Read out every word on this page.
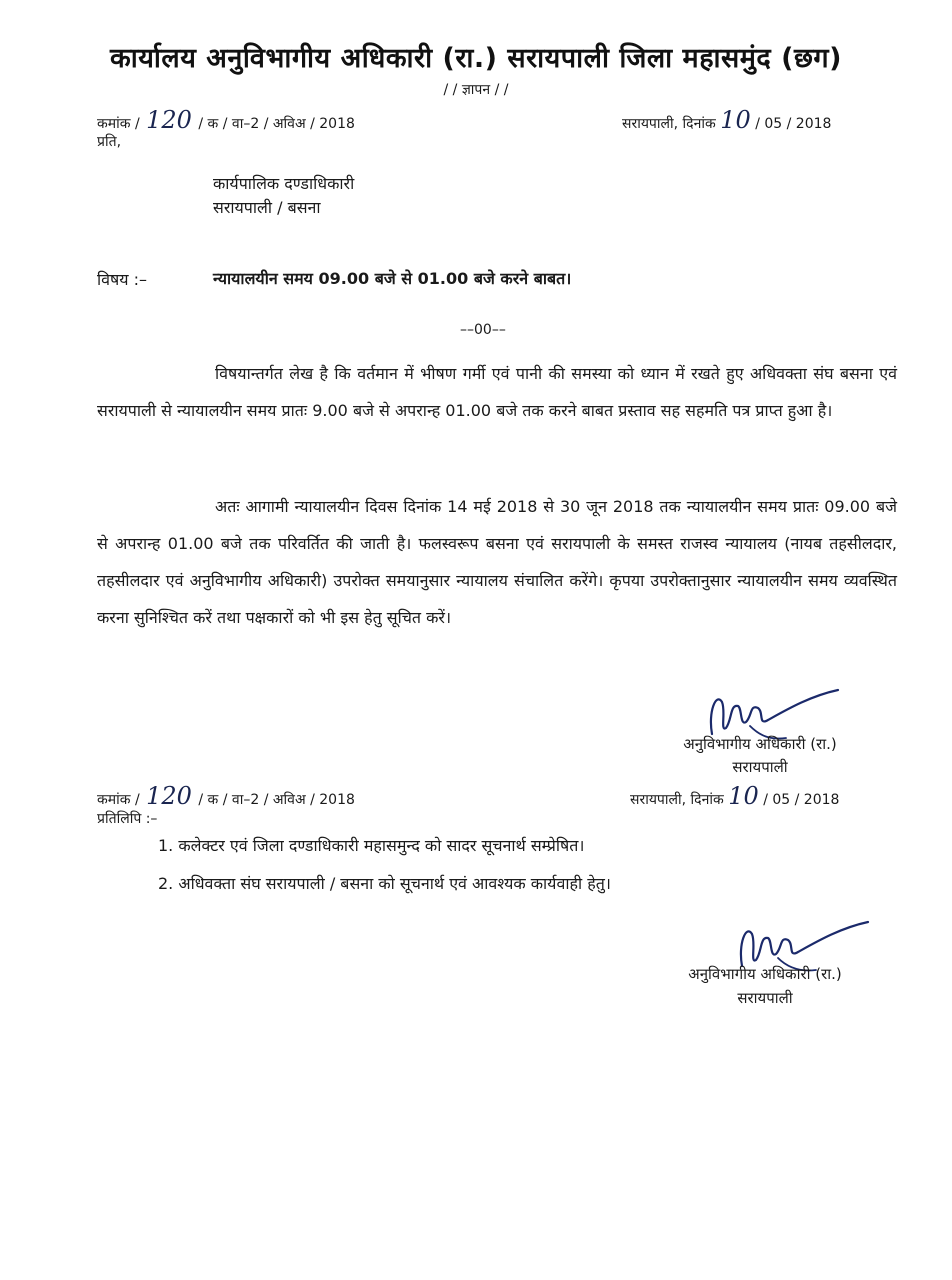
कार्यालय अनुविभागीय अधिकारी (रा.) सरायपाली जिला महासमुंद (छग)
/ / ज्ञापन / /
कमांक / 120 / क / वा–2 / अविअ / 2018	सरायपाली, दिनांक 10 / 05 / 2018
प्रति,
कार्यपालिक दण्डाधिकारी
सरायपाली / बसना
विषय :–	न्यायालयीन समय 09.00 बजे से 01.00 बजे करने बाबत।
––00––
विषयान्तर्गत लेख है कि वर्तमान में भीषण गर्मी एवं पानी की समस्या को ध्यान में रखते हुए अधिवक्ता संघ बसना एवं सरायपाली से न्यायालयीन समय प्रातः 9.00 बजे से अपरान्ह 01.00 बजे तक करने बाबत प्रस्ताव सह सहमति पत्र प्राप्त हुआ है।
अतः आगामी न्यायालयीन दिवस दिनांक 14 मई 2018 से 30 जून 2018 तक न्यायालयीन समय प्रातः 09.00 बजे से अपरान्ह 01.00 बजे तक परिवर्तित की जाती है। फलस्वरूप बसना एवं सरायपाली के समस्त राजस्व न्यायालय (नायब तहसीलदार, तहसीलदार एवं अनुविभागीय अधिकारी) उपरोक्त समयानुसार न्यायालय संचालित करेंगे। कृपया उपरोक्तानुसार न्यायालयीन समय व्यवस्थित करना सुनिश्चित करें तथा पक्षकारों को भी इस हेतु सूचित करें।
अनुविभागीय अधिकारी (रा.)
सरायपाली
कमांक / 120 / क / वा–2 / अविअ / 2018	सरायपाली, दिनांक 10 / 05 / 2018
प्रतिलिपि :–
1. कलेक्टर एवं जिला दण्डाधिकारी महासमुन्द को सादर सूचनार्थ सम्प्रेषित।
2. अधिवक्ता संघ सरायपाली / बसना को सूचनार्थ एवं आवश्यक कार्यवाही हेतु।
अनुविभागीय अधिकारी (रा.)
सरायपाली
